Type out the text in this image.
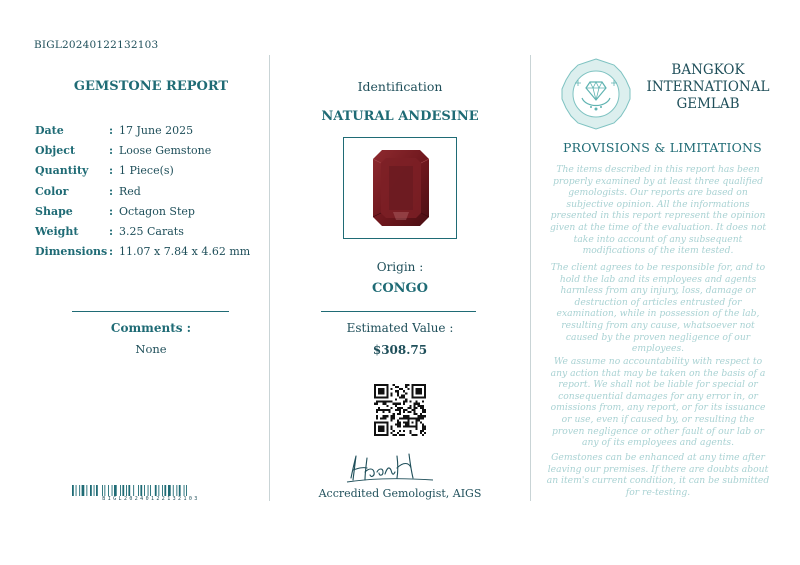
BIGL20240122132103
GEMSTONE REPORT
Date	: 17 June 2025
Object	: Loose Gemstone
Quantity	: 1 Piece(s)
Color	: Red
Shape	: Octagon Step
Weight	: 3.25 Carats
Dimensions : 11.07 x 7.84 x 4.62 mm
Comments :
None
BIGL20240122132103
Identification
NATURAL ANDESINE
Origin :
CONGO
Estimated Value :
$308.75
Accredited Gemologist, AIGS
BANGKOK
INTERNATIONAL
GEMLAB
PROVISIONS & LIMITATIONS
The items described in this report has been properly examined by at least three qualified gemologists. Our reports are based on subjective opinion. All the informations presented in this report represent the opinion given at the time of the evaluation. It does not take into account of any subsequent modifications of the item tested.
The client agrees to be responsible for, and to hold the lab and its employees and agents harmless from any injury, loss, damage or destruction of articles entrusted for examination, while in possession of the lab, resulting from any cause, whatsoever not caused by the proven negligence of our employees.
We assume no accountability with respect to any action that may be taken on the basis of a report. We shall not be liable for special or consequential damages for any error in, or omissions from, any report, or for its issuance or use, even if caused by, or resulting the proven negligence or other fault of our lab or any of its employees and agents.
Gemstones can be enhanced at any time after leaving our premises. If there are doubts about an item's current condition, it can be submitted for re-testing.
